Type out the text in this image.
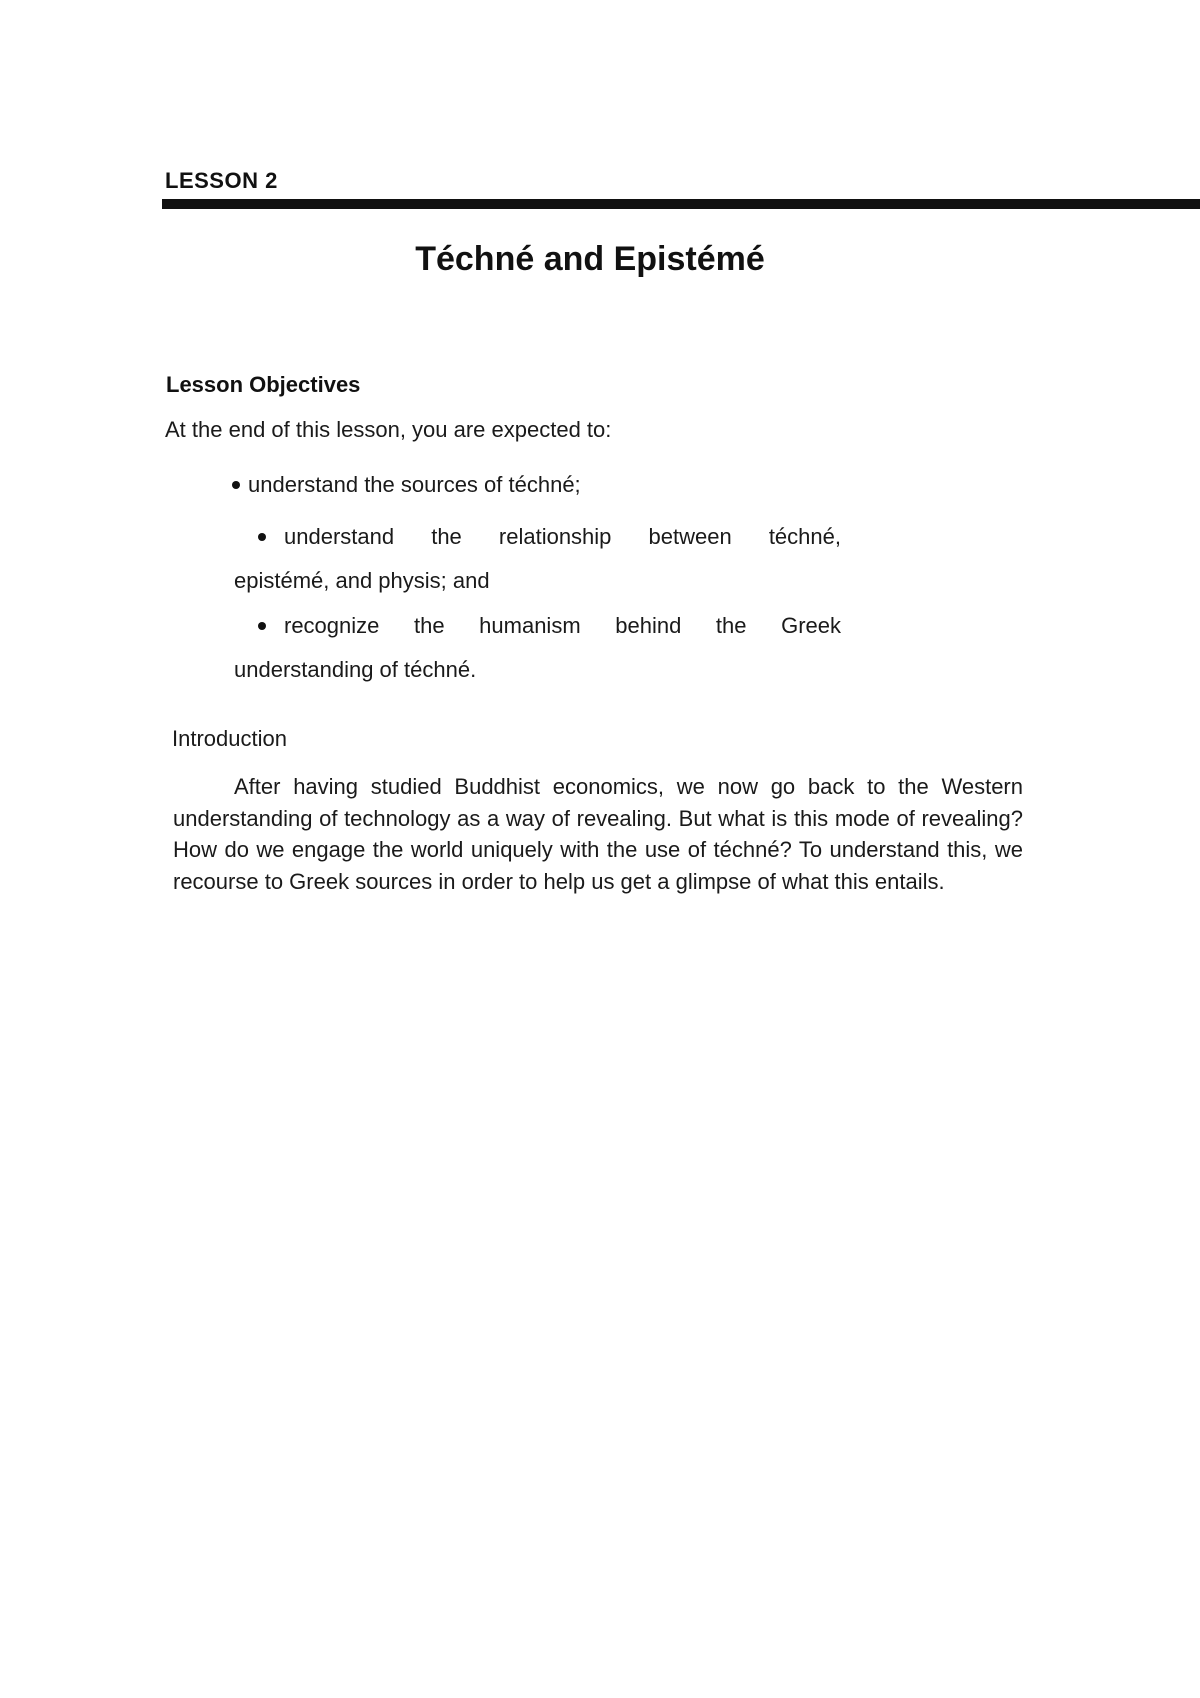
LESSON 2
Téchné and Epistémé
Lesson Objectives
At the end of this lesson, you are expected to:
understand the sources of téchné;
understand the relationship between téchné,
epistémé, and physis; and
recognize the humanism behind the Greek
understanding of téchné.
Introduction

After having studied Buddhist economics, we now go back to the Western understanding of technology as a way of revealing. But what is this mode of revealing? How do we engage the world uniquely with the use of téchné? To understand this, we recourse to Greek sources in order to help us get a glimpse of what this entails.
